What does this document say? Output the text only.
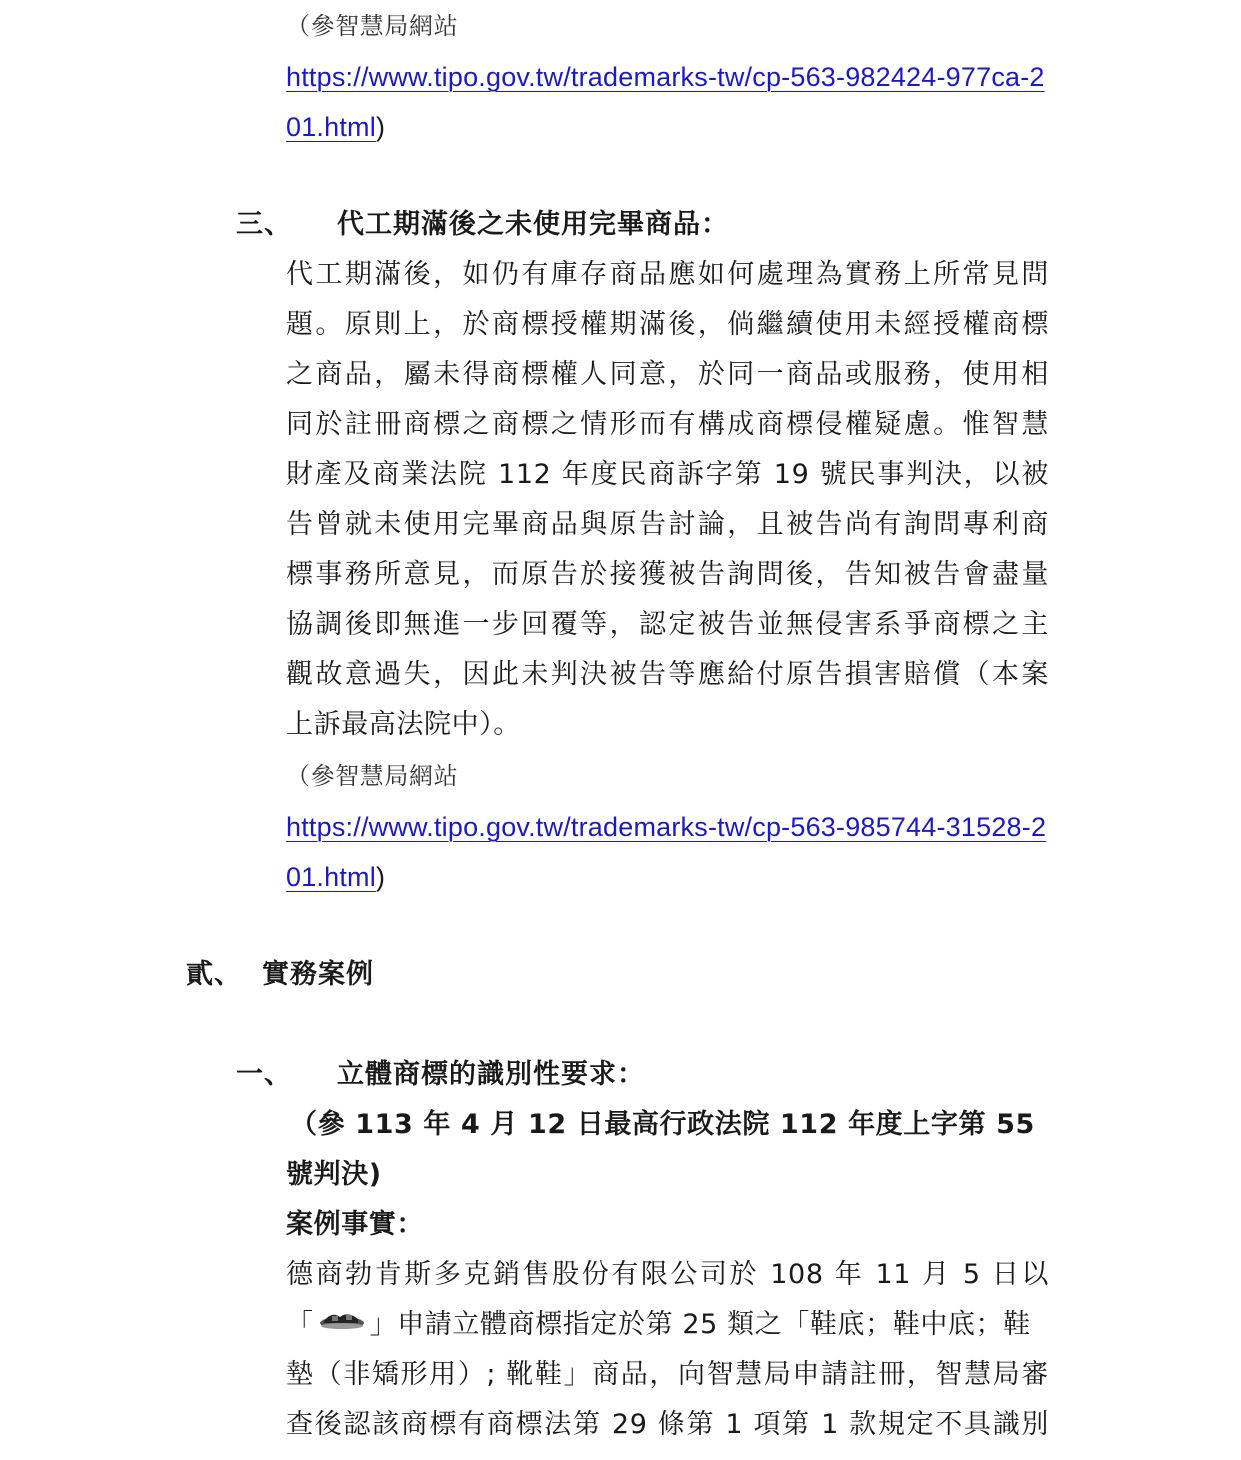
（參智慧局網站
https://www.tipo.gov.tw/trademarks-tw/cp-563-982424-977ca-2
01.html)
三、 代工期滿後之未使用完畢商品：
代工期滿後，如仍有庫存商品應如何處理為實務上所常見問
題。原則上，於商標授權期滿後，倘繼續使用未經授權商標
之商品，屬未得商標權人同意，於同一商品或服務，使用相
同於註冊商標之商標之情形而有構成商標侵權疑慮。惟智慧
財產及商業法院 112 年度民商訴字第 19 號民事判決，以被
告曾就未使用完畢商品與原告討論，且被告尚有詢問專利商
標事務所意見，而原告於接獲被告詢問後，告知被告會盡量
協調後即無進一步回覆等，認定被告並無侵害系爭商標之主
觀故意過失，因此未判決被告等應給付原告損害賠償（本案
上訴最高法院中）。
（參智慧局網站
https://www.tipo.gov.tw/trademarks-tw/cp-563-985744-31528-2
01.html)
貳、 實務案例
一、 立體商標的識別性要求：
（參 113 年 4 月 12 日最高行政法院 112 年度上字第 55
號判決)
案例事實：
德商勃肯斯多克銷售股份有限公司於 108 年 11 月 5 日以
「 」申請立體商標指定於第 25 類之「鞋底；鞋中底；鞋
墊（非矯形用）; 靴鞋」商品，向智慧局申請註冊，智慧局審
查後認該商標有商標法第 29 條第 1 項第 1 款規定不具識別
